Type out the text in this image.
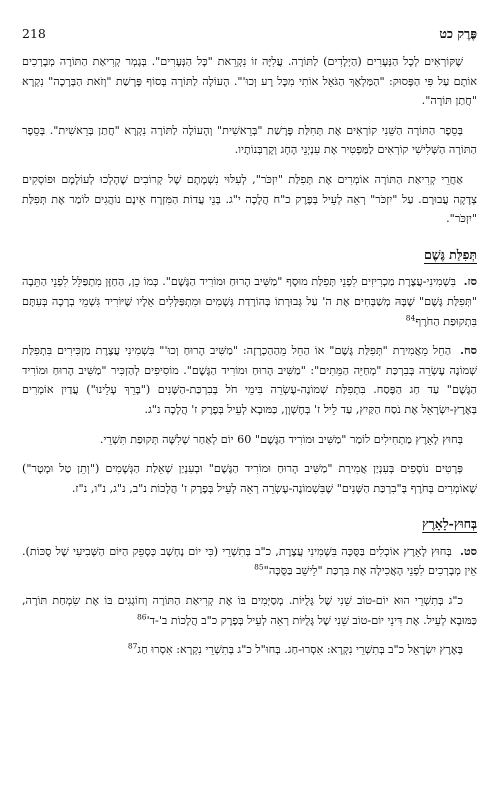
218	פֶּרֶק כט

שֶׁקּוֹרְאִים לְכָל הַנְּעָרִים (הַיְלָדִים) לַתּוֹרָה. עֲלִיָּה זוֹ נִקְרֵאת "כָּל הַנְּעָרִים". בְּגָמְר קְרִיאַת הַתּוֹרָה מְבָרְכִים אוֹתָם עַל פִּי הַפָּסוּק: "הַמַּלְאָךְ הַגֹּאֵל אוֹתִי מִכָּל רָע וְכוּ'". הָעוֹלֶה לַתּוֹרָה בְּסוֹף פָּרָשַׁת "וְזֹאת הַבְּרָכָה" נִקְרָא "חֲתַן תּוֹרָה".

בְּסֵפֶר הַתּוֹרָה הַשֵּׁנִי קוֹרְאִים אֶת תְּחִלַּת פָּרָשַׁת "בְּרֵאשִׁית" וְהָעוֹלֶה לַתּוֹרָה נִקְרָא "חֲתַן בְּרֵאשִׁית". בְּסֵפֶר הַתּוֹרָה הַשְּׁלִישִׁי קוֹרְאִים לַמַּפְטִיר אֶת עִנְיְנֵי הֶחָג וְקָרְבְּנוֹתָיו.

אַחֲרֵי קְרִיאַת הַתּוֹרָה אוֹמְרִים אֶת תְּפִלַּת "יִזְכֹּר", לְעִלּוּי נִשְׁמָתָם שֶׁל קְרוֹבִים שֶׁהָלְכוּ לְעוֹלָמָם וּפוֹסְקִים צְדָקָה עֲבוּרָם. עַל "יִזְכֹּר" רְאֵה לְעֵיל בְּפֶרֶק כ"ח הֲלָכָה י"ג. בְּנֵי עֲדוֹת הַמִּזְרָח אֵינָם נוֹהֲגִים לוֹמַר אֶת תְּפִלַּת "יִזְכֹּר".

תְּפִלַּת גֶּשֶׁם

סז. בִּשְׁמִינִי-עֲצֶרֶת מַכְרִיזִים לִפְנֵי תְּפִלַּת מוּסָף "מַשִּׁיב הָרוּחַ וּמוֹרִיד הַגֶּשֶׁם". כְּמוֹ כֵן, הַחַזָּן מִתְפַּלֵּל לִפְנֵי הַתֵּבָה "תְּפִלַּת גֶּשֶׁם" שֶׁבָּהּ מְשַׁבְּחִים אֶת ה' עַל גְּבוּרָתוֹ בְּהוֹרָדַת גְּשָׁמִים וּמִתְפַּלְּלִים אֵלָיו שֶׁיּוֹרִיד גִּשְׁמֵי בְרָכָה בְּעִתָּם בִּתְקוּפַת הַחֹרֶף$^{84}$

סח. הַחֵל מֵאֲמִירַת "תְּפִלַּת גֶּשֶׁם" אוֹ הַחֵל מֵהַהַכְרָזָה: "מַשִּׁיב הָרוּחַ וְכוּ'" בִּשְׁמִינִי עֲצֶרֶת מַזְכִּירִים בִּתְפִלַּת שְׁמוֹנֶה עֶשְׂרֵה בְּבִרְכַּת "מְחַיֵּה הַמֵּתִים": "מַשִּׁיב הָרוּחַ וּמוֹרִיד הַגֶּשֶׁם". מוֹסִיפִים לְהַזְכִּיר "מַשִּׁיב הָרוּחַ וּמוֹרִיד הַגֶּשֶׁם" עַד חַג הַפֶּסַח. בִּתְפִלַּת שְׁמוֹנֶה-עֶשְׂרֵה בִּימֵי חֹל בְּבִרְכַּת-הַשָּׁנִים ("בָּרֵךְ עָלֵינוּ") עֲדַיִן אוֹמְרִים בְּאֶרֶץ-יִשְׂרָאֵל אֶת נֹסַח הַקַּיִץ, עַד לֵיל ז' בְּחֶשְׁוָן, כַּמּוּבָא לְעֵיל בְּפֶרֶק ז' הֲלָכָה נ"ג.

בְּחוּץ לָאָרֶץ מַתְחִילִים לוֹמַר "מַשִּׁיב וּמוֹרִיד הַגֶּשֶׁם" 60 יוֹם לְאַחַר שְׁלִשָּׁה תְּקוּפַת תִּשְׁרֵי.

פְּרָטִים נוֹסָפִים בְּעִנְיַן אֲמִירַת "מַשִּׁיב הָרוּחַ וּמוֹרִיד הַגֶּשֶׁם" וּבְעִנְיַן שְׁאֵלַת הַגְּשָׁמִים ("וְתֵן טַל וּמָטָר") שֶׁאוֹמְרִים בְּחֹרֶף בְּ"בִרְכַּת הַשָּׁנִים" שֶׁבִּשְׁמוֹנֶה-עֶשְׂרֵה רְאֵה לְעֵיל בְּפֶרֶק ז' הֲלָכוֹת נ"ב, נ"ג, נ"ו, נ"ז.

בְּחוּץ-לָאָרֶץ

סט. בְּחוּץ לָאָרֶץ אוֹכְלִים בַּסֻּכָּה בִּשְׁמִינִי עֲצֶרֶת, כ"ב בְּתִשְׁרֵי (כִּי יוֹם נֶחְשָׁב כְּסָפֵק הַיּוֹם הַשְּׁבִיעִי שֶׁל סֻכּוֹת). אֵין מְבָרְכִים לִפְנֵי הָאֲכִילָה אֶת בִּרְכַּת "לֵישֵׁב בַּסֻּכָּה"$^{85}$

כ"ג בְּתִשְׁרֵי הוּא יוֹם-טוֹב שֵׁנִי שֶׁל גָּלֻיּוֹת. מְסַיְּמִים בּוֹ אֶת קְרִיאַת הַתּוֹרָה וְחוֹגְגִים בּוֹ אֶת שִׂמְחַת תּוֹרָה, כַּמּוּבָא לְעֵיל. אֶת דִּינֵי יוֹם-טוֹב שֵׁנִי שֶׁל גָּלֻיּוֹת רְאֵה לְעֵיל בְּפֶרֶק כ"ב הֲלָכוֹת ב'-ד'$^{86}$

בְּאֶרֶץ יִשְׂרָאֵל כ"ב בְּתִשְׁרֵי נִקְרָא: אִסְרוּ-חַג. בְּחוּ"ל כ"ג בְּתִשְׁרֵי נִקְרָא: אִסְרוּ חַג$^{87}$
